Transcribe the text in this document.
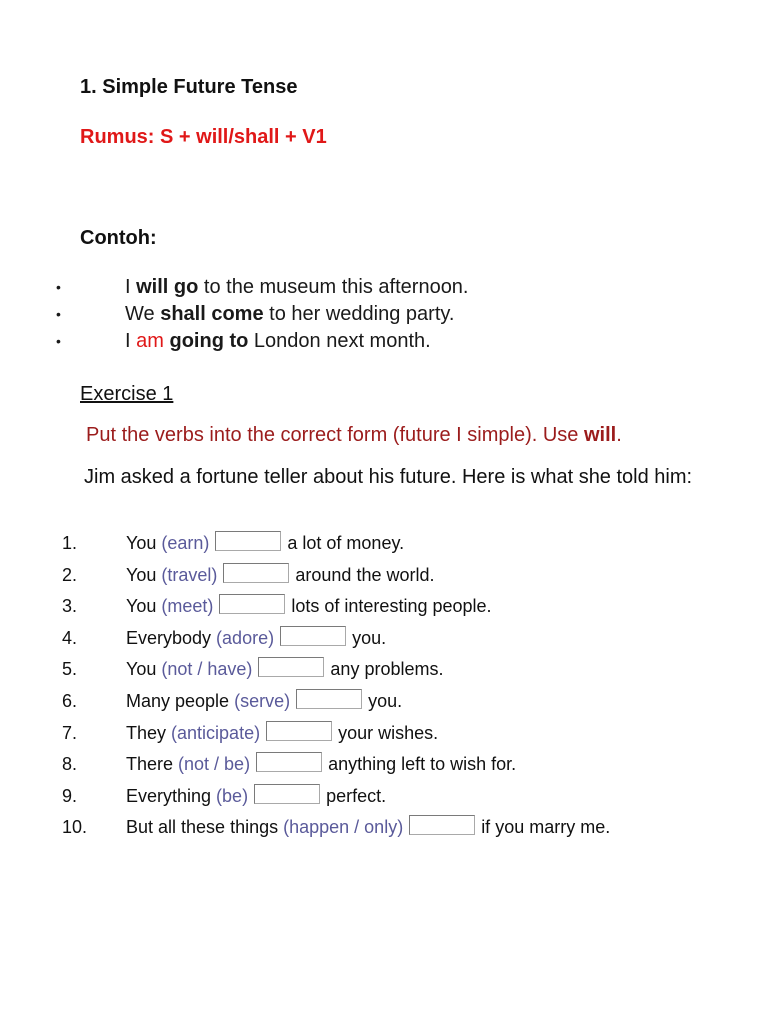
1. Simple Future Tense
Rumus: S + will/shall + V1
Contoh:
•	I will go to the museum this afternoon.
•	We shall come to her wedding party.
•	I am going to London next month.
Exercise 1
Put the verbs into the correct form (future I simple). Use will.
Jim asked a fortune teller about his future. Here is what she told him:
1.	You (earn)	a lot of money.
2.	You (travel)	around the world.
3.	You (meet)	lots of interesting people.
4.	Everybody (adore)	you.
5.	You (not / have)	any problems.
6.	Many people (serve)	you.
7.	They (anticipate)	your wishes.
8.	There (not / be)	anything left to wish for.
9.	Everything (be)	perfect.
10. But all these things (happen / only)	if you marry me.
